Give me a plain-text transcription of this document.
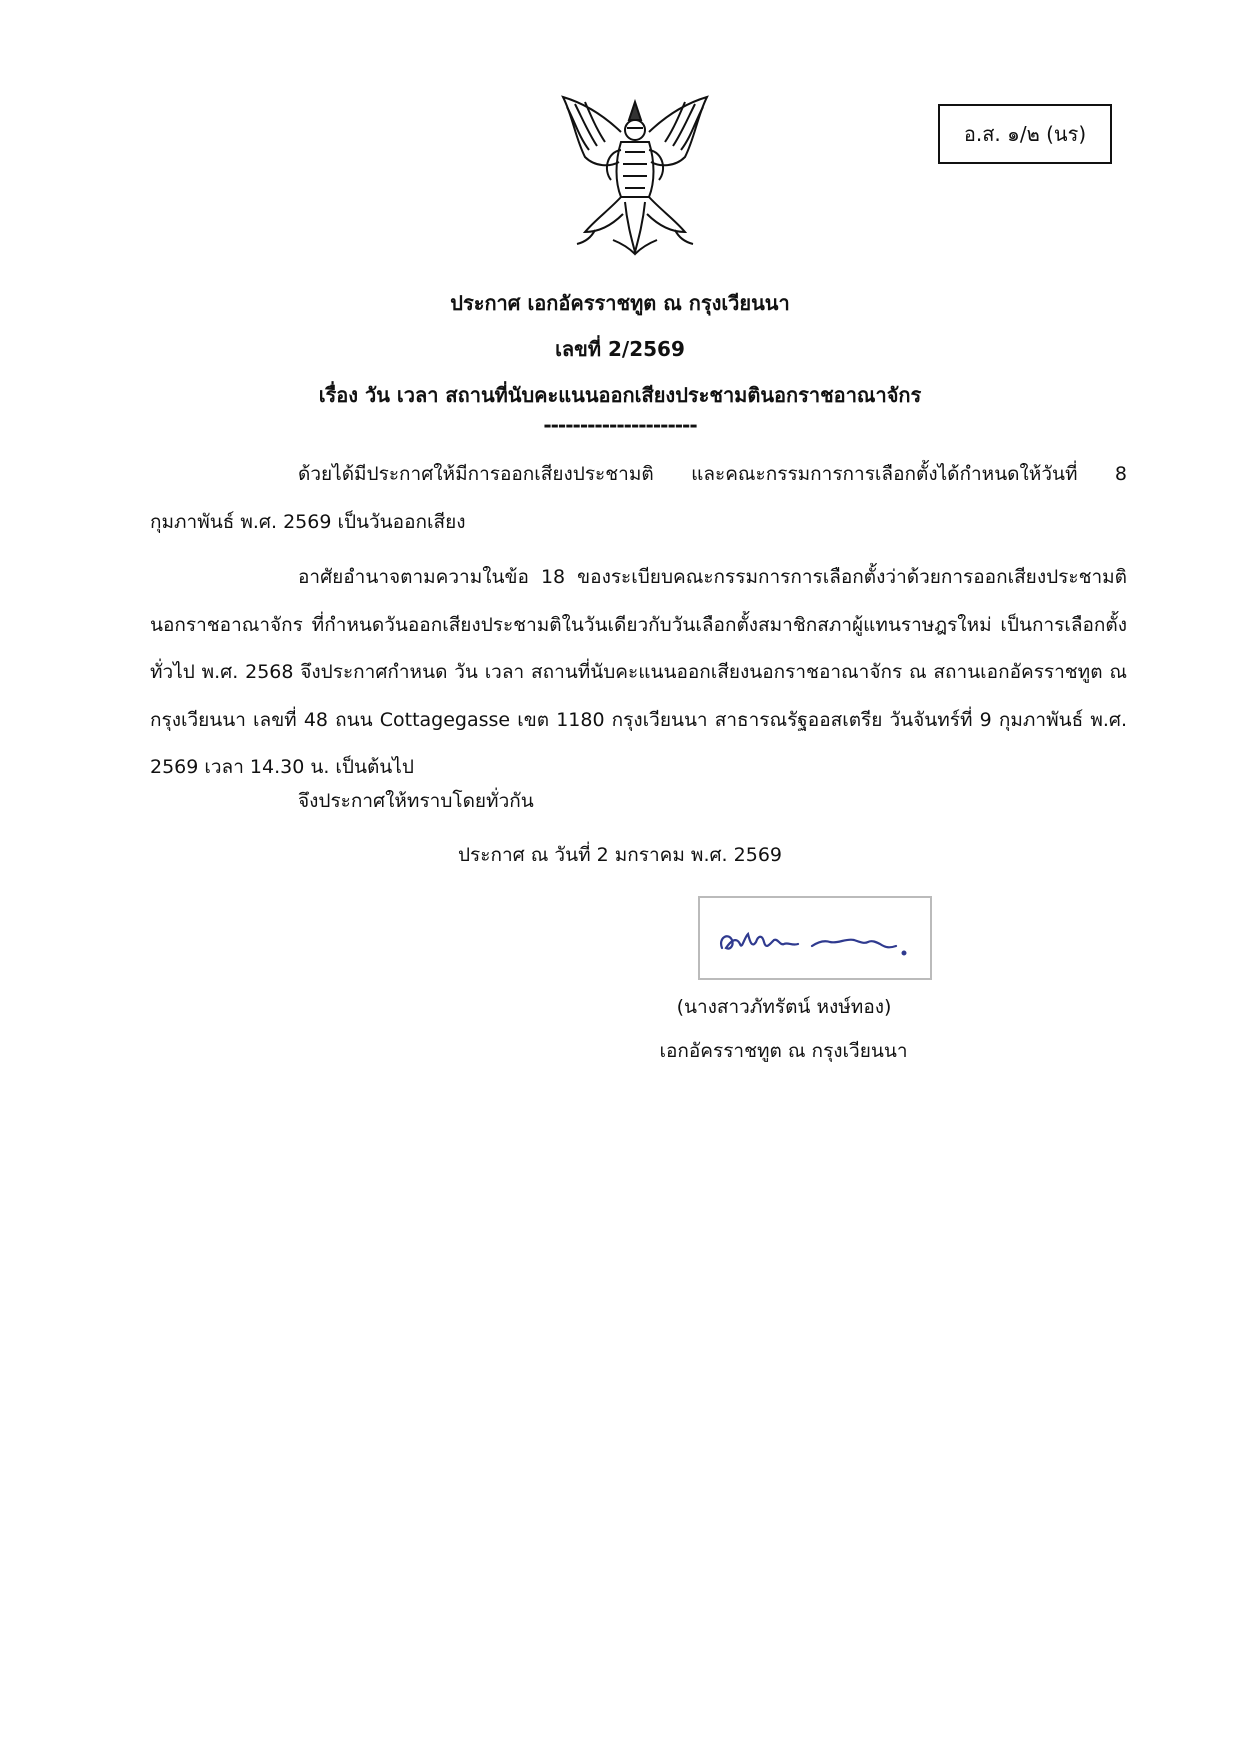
อ.ส. ๑/๒ (นร)
ประกาศ เอกอัครราชทูต ณ กรุงเวียนนา
เลขที่ 2/2569
เรื่อง วัน เวลา สถานที่นับคะแนนออกเสียงประชามตินอกราชอาณาจักร
---------------------

ด้วยได้มีประกาศให้มีการออกเสียงประชามติ และคณะกรรมการการเลือกตั้งได้กำหนดให้วันที่ 8 กุมภาพันธ์ พ.ศ. 2569 เป็นวันออกเสียง

อาศัยอำนาจตามความในข้อ 18 ของระเบียบคณะกรรมการการเลือกตั้งว่าด้วยการออกเสียงประชามตินอกราชอาณาจักร ที่กำหนดวันออกเสียงประชามติในวันเดียวกับวันเลือกตั้งสมาชิกสภาผู้แทนราษฎรใหม่ เป็นการเลือกตั้งทั่วไป พ.ศ. 2568 จึงประกาศกำหนด วัน เวลา สถานที่นับคะแนนออกเสียงนอกราชอาณาจักร ณ สถานเอกอัครราชทูต ณ กรุงเวียนนา เลขที่ 48 ถนน Cottagegasse เขต 1180 กรุงเวียนนา สาธารณรัฐออสเตรีย วันจันทร์ที่ 9 กุมภาพันธ์ พ.ศ. 2569 เวลา 14.30 น. เป็นต้นไป

จึงประกาศให้ทราบโดยทั่วกัน

ประกาศ ณ วันที่ 2 มกราคม พ.ศ. 2569
(นางสาวภัทรัตน์ หงษ์ทอง)
เอกอัครราชทูต ณ กรุงเวียนนา
